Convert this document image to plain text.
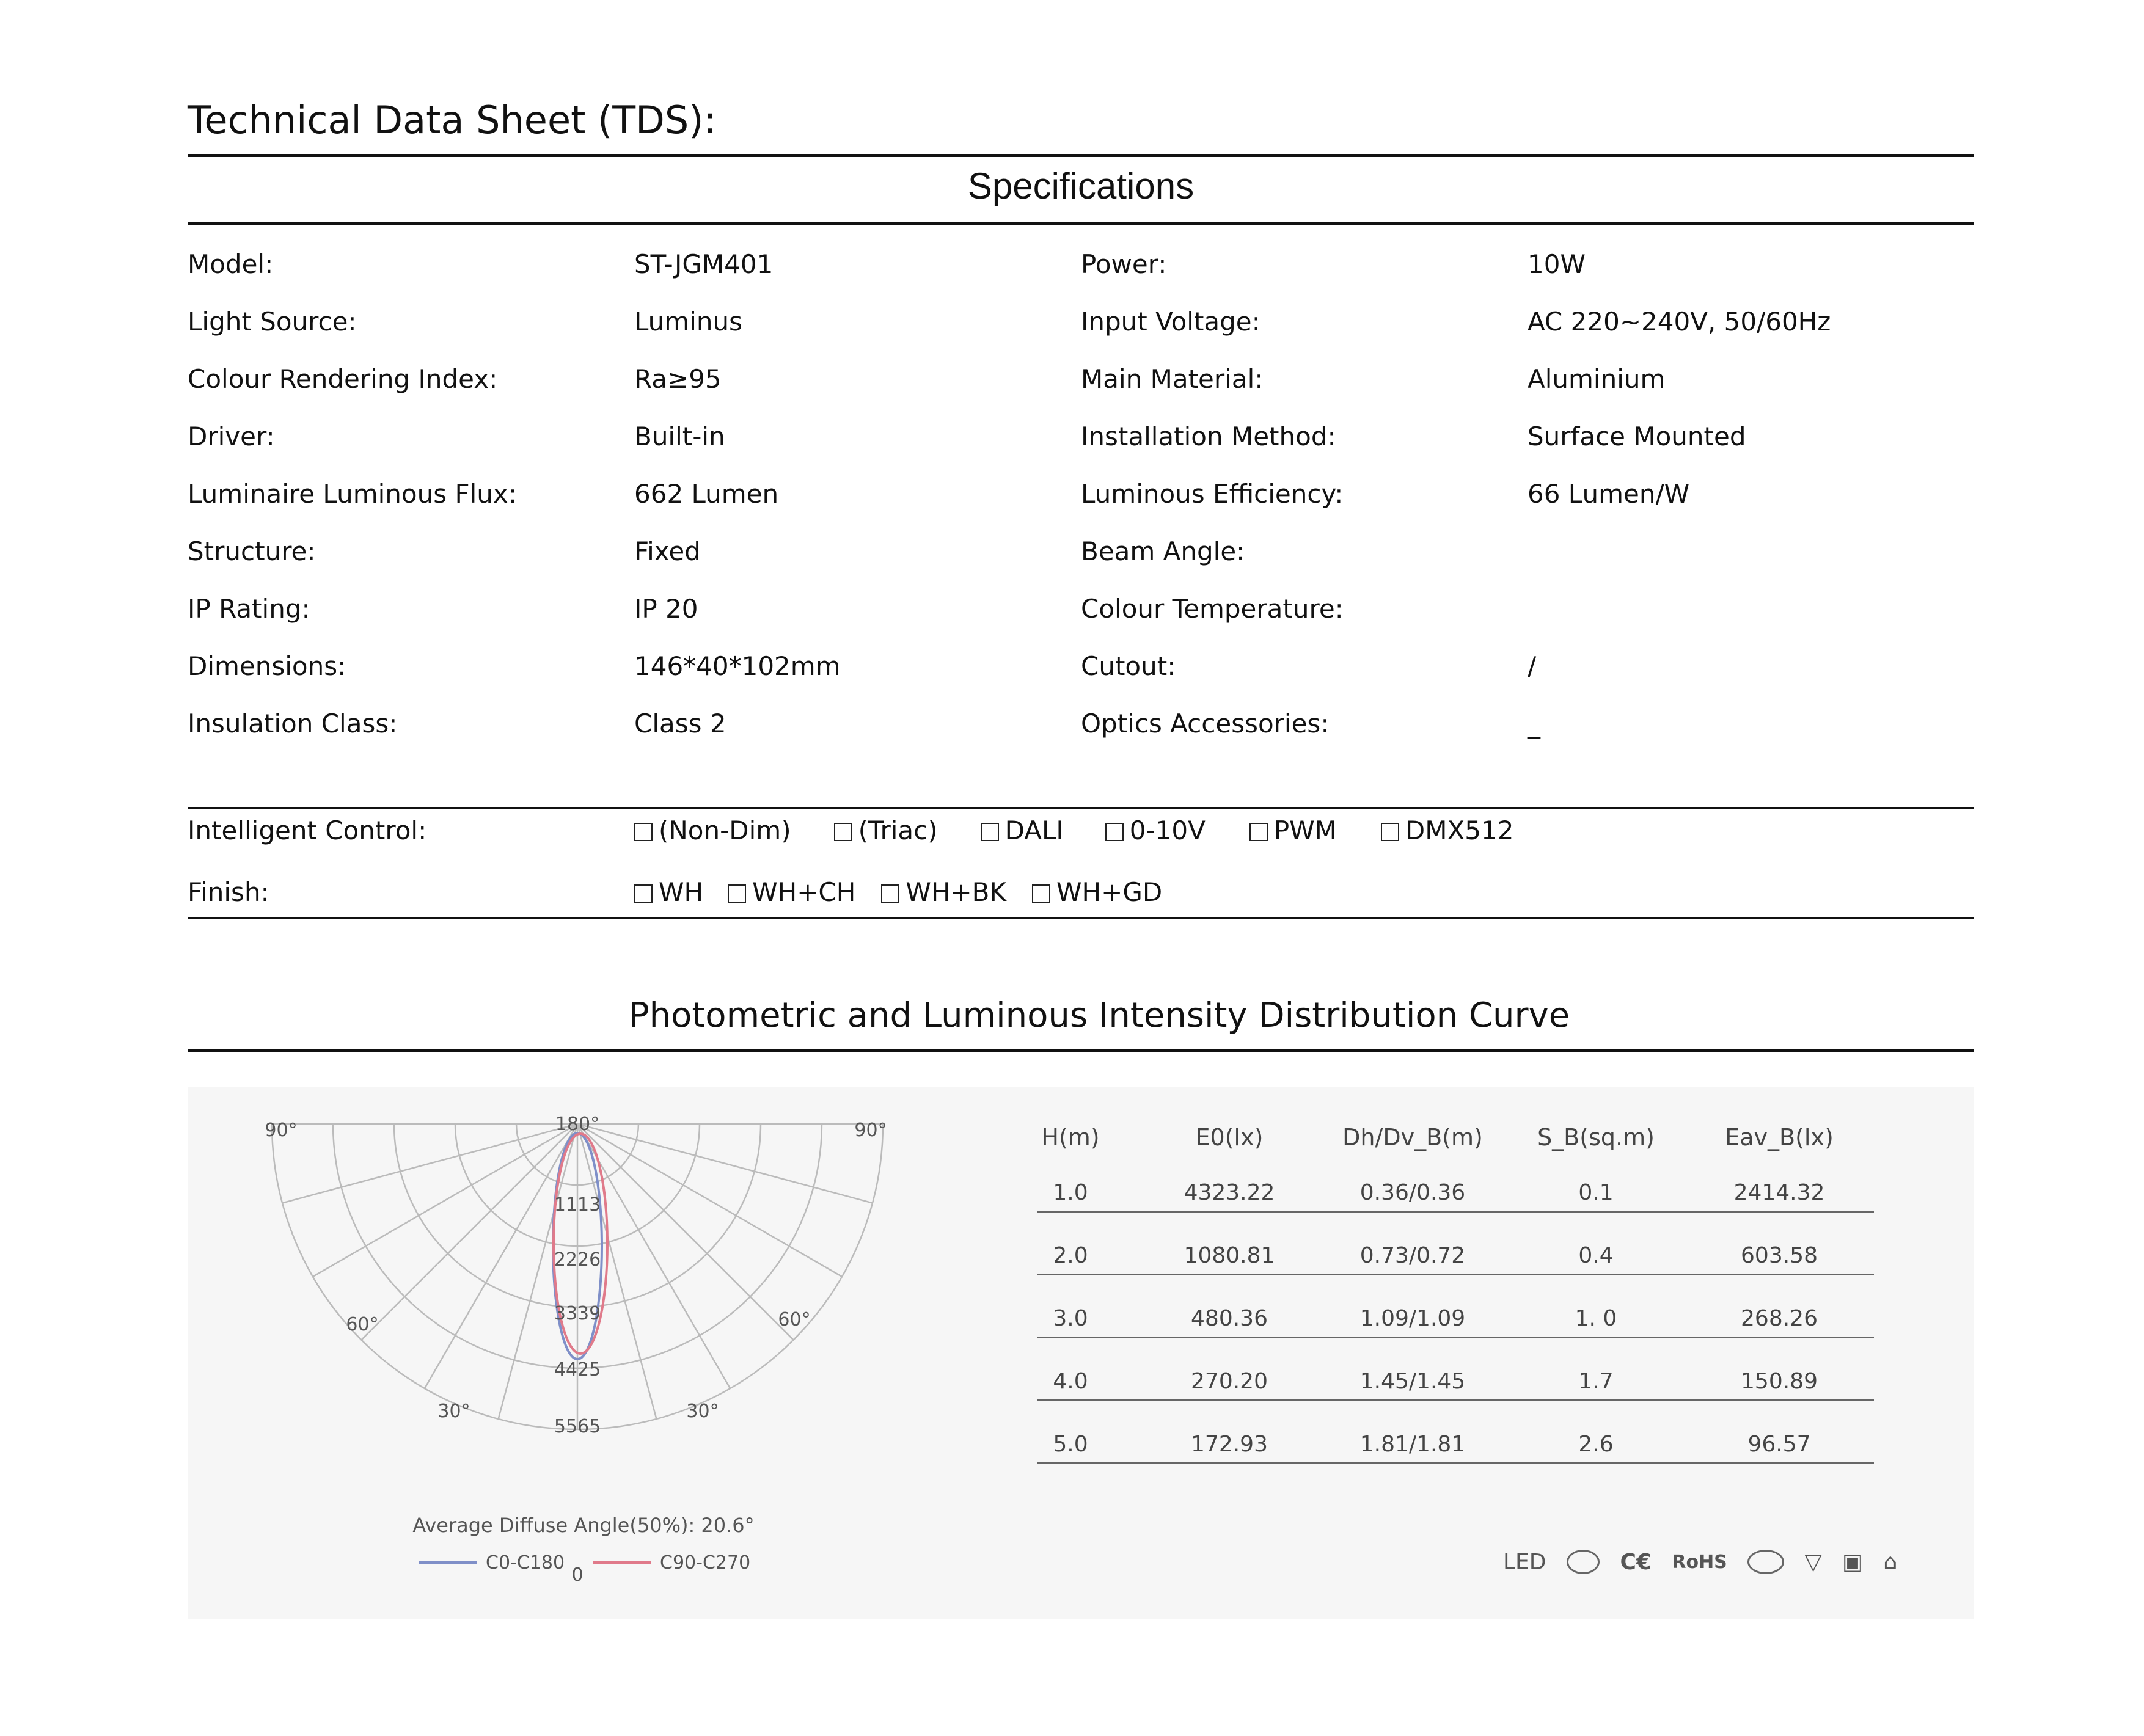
Technical Data Sheet (TDS):
Specifications
Model:	ST-JGM401	Power:	10W
Light Source:	Luminus	Input Voltage:	AC 220~240V, 50/60Hz
Colour Rendering Index:	Ra≥95	Main Material:	Aluminium
Driver:	Built-in	Installation Method:	Surface Mounted
Luminaire Luminous Flux:	662 Lumen	Luminous Efficiency:	66 Lumen/W
Structure:	Fixed	Beam Angle:
IP Rating:	IP 20	Colour Temperature:
Dimensions:	146*40*102mm	Cutout:	/
Insulation Class:	Class 2	Optics Accessories:	_
Intelligent Control:	(Non-Dim)	(Triac)	DALI	0-10V	PWM	DMX512
Finish:	WH WH+CH WH+BK WH+GD
Photometric and Luminous Intensity Distribution Curve
180°
90°	90°
60°	60°
30°	30°
0
1113
2226
3339
4425
5565
Average Diffuse Angle(50%): 20.6°
C0-C180	C90-C270
H(m)	E0(lx)	Dh/Dv_B(m)	S_B(sq.m)	Eav_B(lx)
1.0	4323.22	0.36/0.36	0.1	2414.32
2.0	1080.81	0.73/0.72	0.4	603.58
3.0	480.36	1.09/1.09	1. 0	268.26
4.0	270.20	1.45/1.45	1.7	150.89
5.0	172.93	1.81/1.81	2.6	96.57
LED	C€ RoHS	▽ ▣ ⌂
